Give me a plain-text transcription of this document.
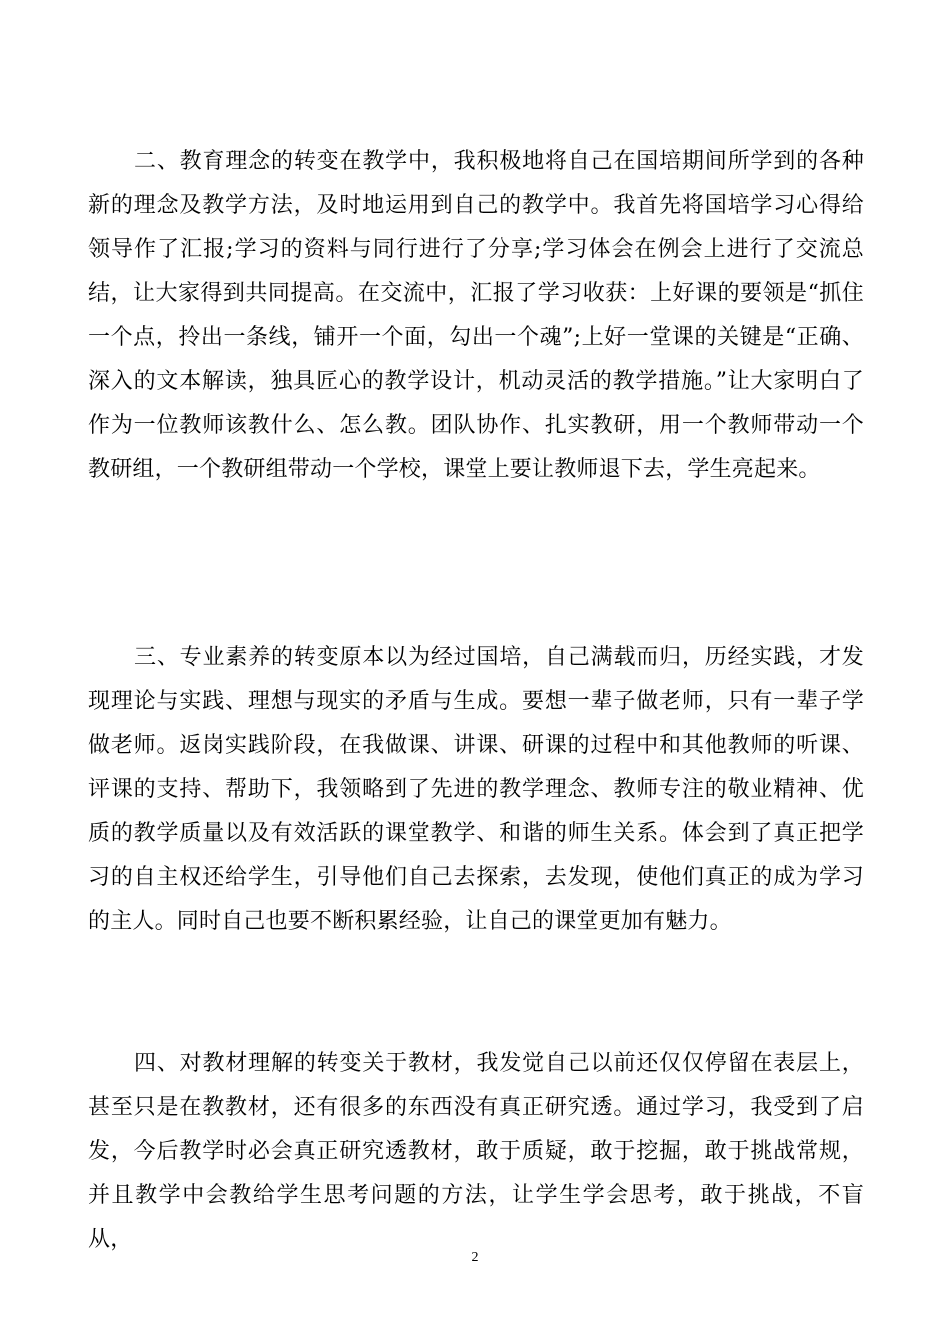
二、教育理念的转变在教学中，我积极地将自己在国培期间所学到的各种新的理念及教学方法，及时地运用到自己的教学中。我首先将国培学习心得给领导作了汇报;学习的资料与同行进行了分享;学习体会在例会上进行了交流总结，让大家得到共同提高。在交流中，汇报了学习收获：上好课的要领是“抓住一个点，拎出一条线，铺开一个面，勾出一个魂”;上好一堂课的关键是“正确、深入的文本解读，独具匠心的教学设计，机动灵活的教学措施。”让大家明白了作为一位教师该教什么、怎么教。团队协作、扎实教研，用一个教师带动一个教研组，一个教研组带动一个学校，课堂上要让教师退下去，学生亮起来。

三、专业素养的转变原本以为经过国培，自己满载而归，历经实践，才发现理论与实践、理想与现实的矛盾与生成。要想一辈子做老师，只有一辈子学做老师。返岗实践阶段，在我做课、讲课、研课的过程中和其他教师的听课、评课的支持、帮助下，我领略到了先进的教学理念、教师专注的敬业精神、优质的教学质量以及有效活跃的课堂教学、和谐的师生关系。体会到了真正把学习的自主权还给学生，引导他们自己去探索，去发现，使他们真正的成为学习的主人。同时自己也要不断积累经验，让自己的课堂更加有魅力。

四、对教材理解的转变关于教材，我发觉自己以前还仅仅停留在表层上，甚至只是在教教材，还有很多的东西没有真正研究透。通过学习，我受到了启发，今后教学时必会真正研究透教材，敢于质疑，敢于挖掘，敢于挑战常规，并且教学中会教给学生思考问题的方法，让学生学会思考，敢于挑战，不盲从，

2
